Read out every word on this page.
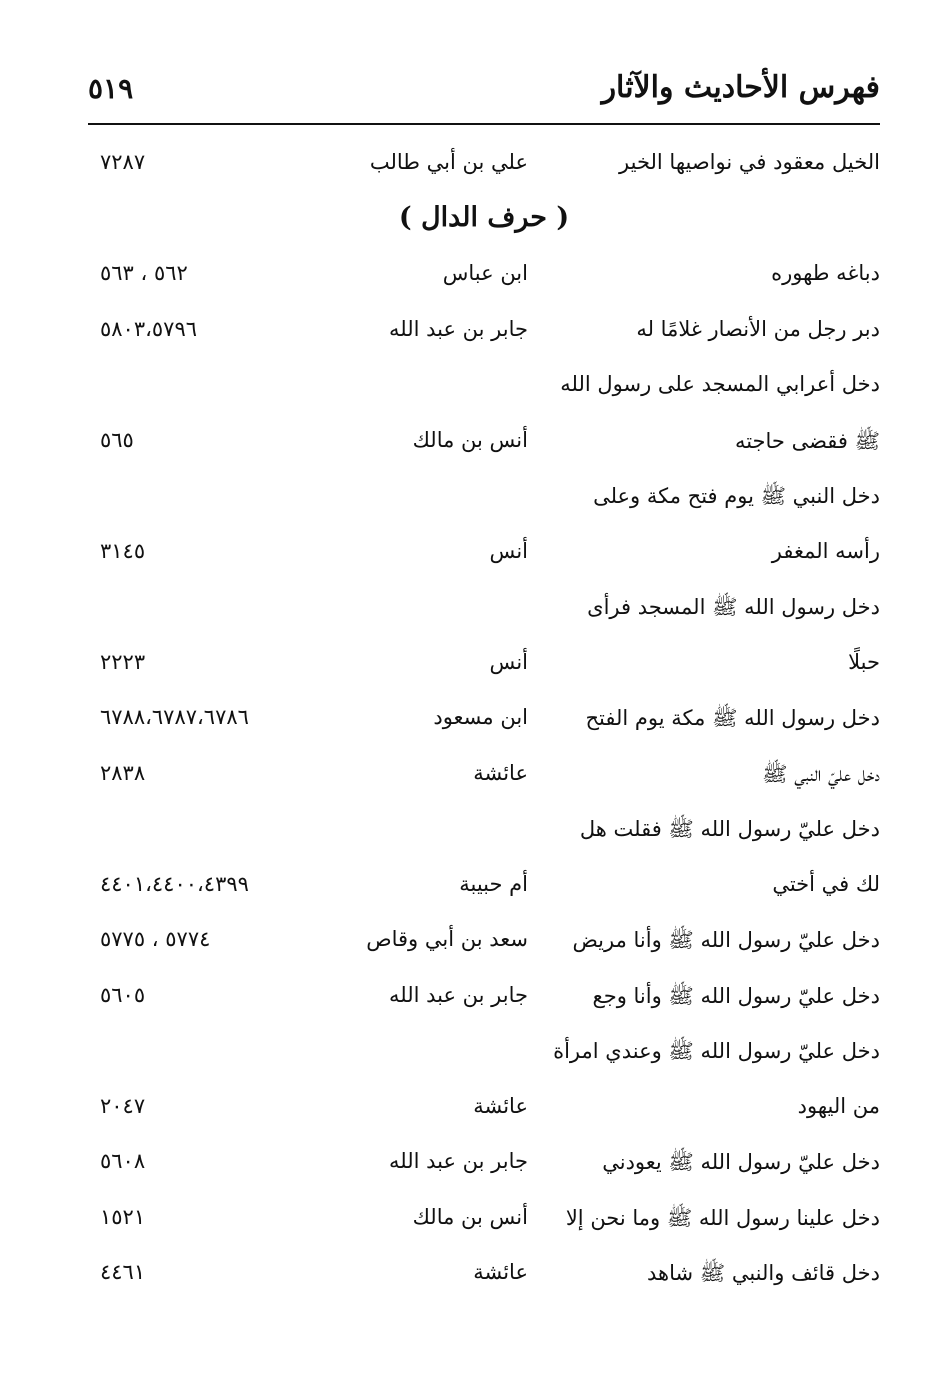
فهرس الأحاديث والآثار
٥١٩
الخيل معقود في نواصيها الخير
علي بن أبي طالب
٧٢٨٧
( حرف الدال )
دباغه طهوره
ابن عباس
٥٦٢ ، ٥٦٣
دبر رجل من الأنصار غلامًا له
جابر بن عبد الله
٥٨٠٣،٥٧٩٦
دخل أعرابي المسجد على رسول الله
ﷺ فقضى حاجته
أنس بن مالك
٥٦٥
دخل النبي ﷺ يوم فتح مكة وعلى
رأسه المغفر
أنس
٣١٤٥
دخل رسول الله ﷺ المسجد فرأى
حبلًا
أنس
٢٢٢٣
دخل رسول الله ﷺ مكة يوم الفتح
ابن مسعود
٦٧٨٨،٦٧٨٧،٦٧٨٦
دخل عليّ النبي ﷺ
عائشة
٢٨٣٨
دخل عليّ رسول الله ﷺ فقلت هل
لك في أختي
أم حبيبة
٤٤٠١،٤٤٠٠،٤٣٩٩
دخل عليّ رسول الله ﷺ وأنا مريض
سعد بن أبي وقاص
٥٧٧٤ ، ٥٧٧٥
دخل عليّ رسول الله ﷺ وأنا وجع
جابر بن عبد الله
٥٦٠٥
دخل عليّ رسول الله ﷺ وعندي امرأة
من اليهود
عائشة
٢٠٤٧
دخل عليّ رسول الله ﷺ يعودني
جابر بن عبد الله
٥٦٠٨
دخل علينا رسول الله ﷺ وما نحن إلا
أنس بن مالك
١٥٢١
دخل قائف والنبي ﷺ شاهد
عائشة
٤٤٦١
